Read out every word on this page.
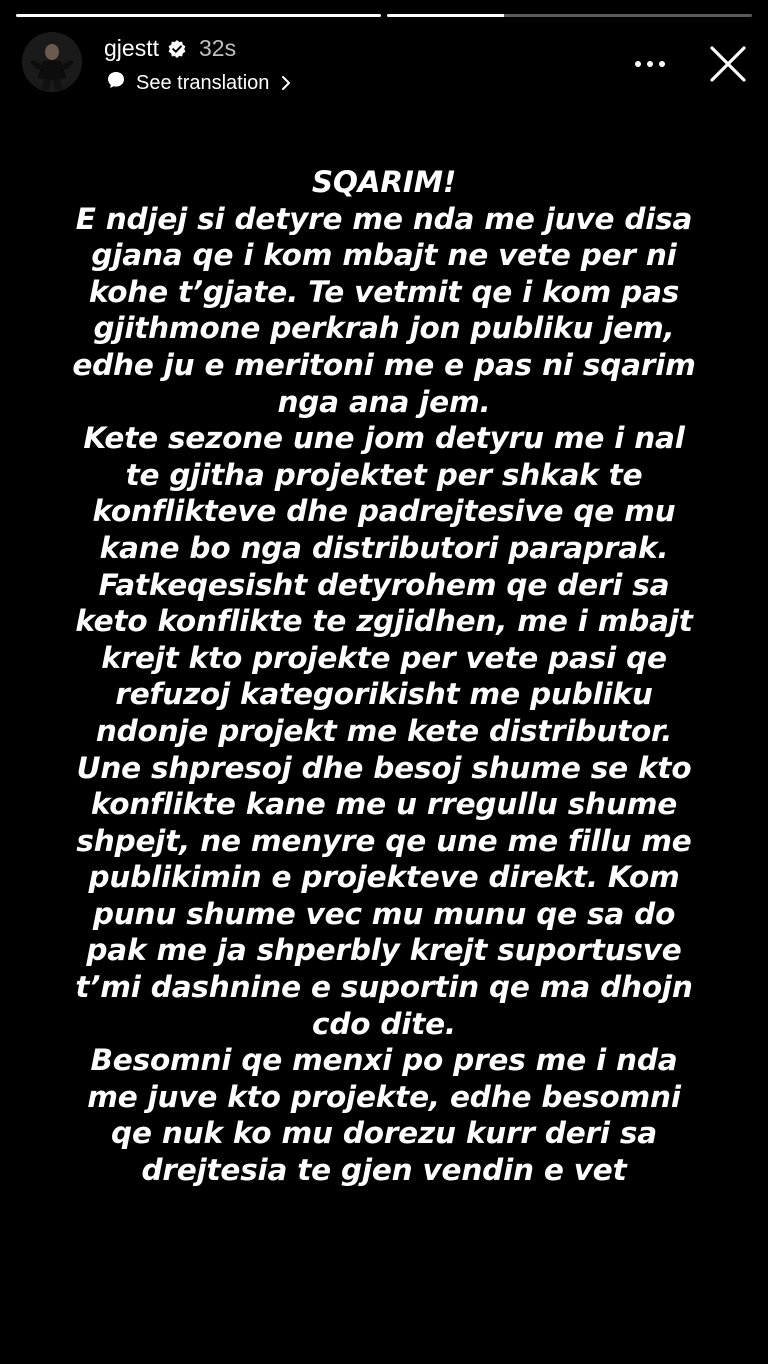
gjestt 32s
See translation
SQARIM!
E ndjej si detyre me nda me juve disa
gjana qe i kom mbajt ne vete per ni
kohe t’gjate. Te vetmit qe i kom pas
gjithmone perkrah jon publiku jem,
edhe ju e meritoni me e pas ni sqarim
nga ana jem.
Kete sezone une jom detyru me i nal
te gjitha projektet per shkak te
konflikteve dhe padrejtesive qe mu
kane bo nga distributori paraprak.
Fatkeqesisht detyrohem qe deri sa
keto konflikte te zgjidhen, me i mbajt
krejt kto projekte per vete pasi qe
refuzoj kategorikisht me publiku
ndonje projekt me kete distributor.
Une shpresoj dhe besoj shume se kto
konflikte kane me u rregullu shume
shpejt, ne menyre qe une me fillu me
publikimin e projekteve direkt. Kom
punu shume vec mu munu qe sa do
pak me ja shperbly krejt suportusve
t’mi dashnine e suportin qe ma dhojn
cdo dite.
Besomni qe menxi po pres me i nda
me juve kto projekte, edhe besomni
qe nuk ko mu dorezu kurr deri sa
drejtesia te gjen vendin e vet
